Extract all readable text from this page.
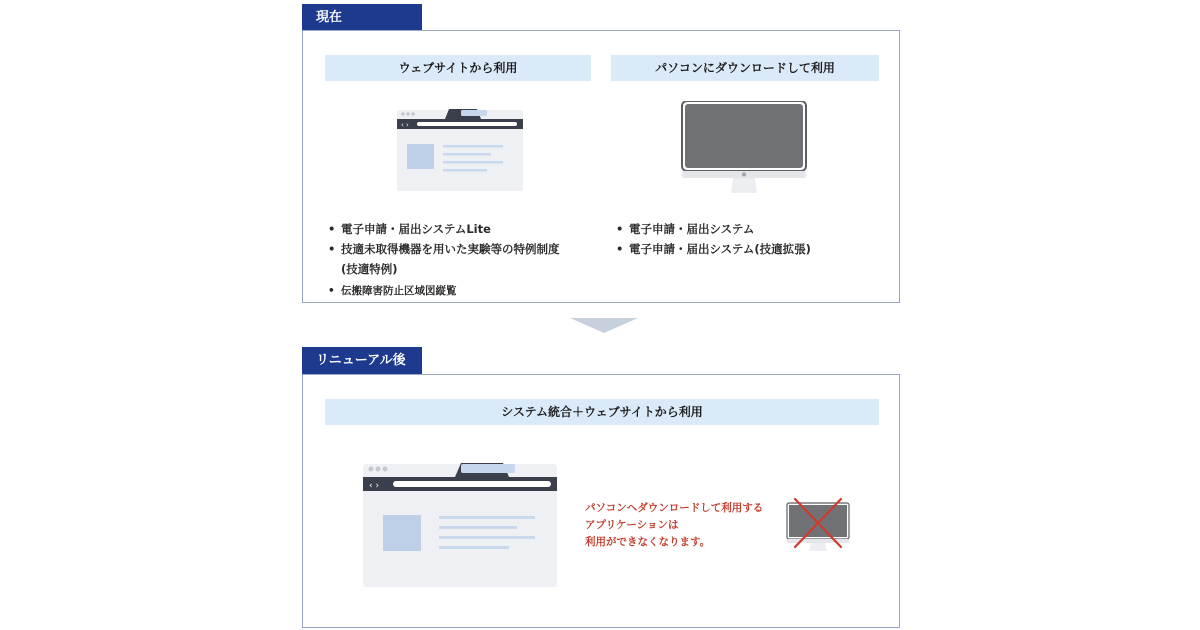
現在
ウェブサイトから利用	パソコンにダウンロードして利用
‹ ›
• 電子申請・届出システムLite
• 技適未取得機器を用いた実験等の特例制度
(技適特例)
• 伝搬障害防止区域図縦覧
• 電子申請・届出システム
• 電子申請・届出システム(技適拡張)
リニューアル後
システム統合＋ウェブサイトから利用
‹ ›
パソコンへダウンロードして利用する
アプリケーションは
利用ができなくなります。
